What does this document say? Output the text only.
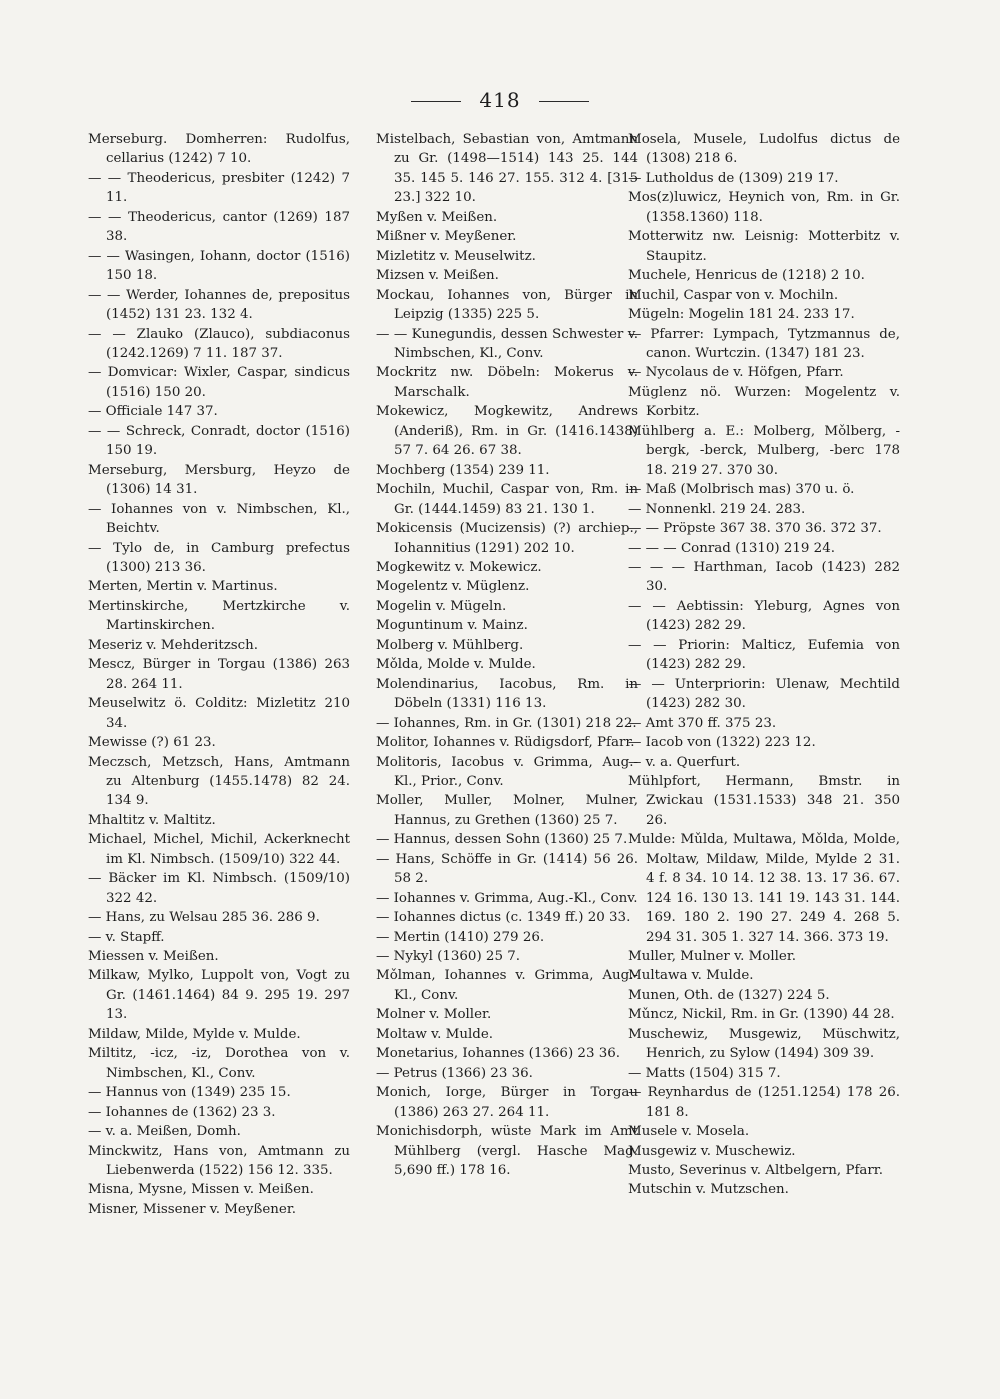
418
Merseburg. Domherren: Rudolfus, cellarius (1242) 7 10.
— — Theodericus, presbiter (1242) 7 11.
— — Theodericus, cantor (1269) 187 38.
— — Wasingen, Iohann, doctor (1516) 150 18.
— — Werder, Iohannes de, prepositus (1452) 131 23. 132 4.
— — Zlauko (Zlauco), subdiaconus (1242.1269) 7 11. 187 37.
— Domvicar: Wixler, Caspar, sindicus (1516) 150 20.
— Officiale 147 37.
— — Schreck, Conradt, doctor (1516) 150 19.
Merseburg, Mersburg, Heyzo de (1306) 14 31.
— Iohannes von v. Nimbschen, Kl., Beichtv.
— Tylo de, in Camburg prefectus (1300) 213 36.
Merten, Mertin v. Martinus.
Mertinskirche, Mertzkirche v. Martinskirchen.
Meseriz v. Mehderitzsch.
Mescz, Bürger in Torgau (1386) 263 28. 264 11.
Meuselwitz ö. Colditz: Mizletitz 210 34.
Mewisse (?) 61 23.
Meczsch, Metzsch, Hans, Amtmann zu Altenburg (1455.1478) 82 24. 134 9.
Mhaltitz v. Maltitz.
Michael, Michel, Michil, Ackerknecht im Kl. Nimbsch. (1509/10) 322 44.
— Bäcker im Kl. Nimbsch. (1509/10) 322 42.
— Hans, zu Welsau 285 36. 286 9.
— v. Stapff.
Miessen v. Meißen.
Milkaw, Mylko, Luppolt von, Vogt zu Gr. (1461.1464) 84 9. 295 19. 297 13.
Mildaw, Milde, Mylde v. Mulde.
Miltitz, -icz, -iz, Dorothea von v. Nimbschen, Kl., Conv.
— Hannus von (1349) 235 15.
— Iohannes de (1362) 23 3.
— v. a. Meißen, Domh.
Minckwitz, Hans von, Amtmann zu Liebenwerda (1522) 156 12. 335.
Misna, Mysne, Missen v. Meißen.
Misner, Missener v. Meyßener.
Mistelbach, Sebastian von, Amtmann zu Gr. (1498—1514) 143 25. 144 35. 145 5. 146 27. 155. 312 4. [315 23.] 322 10.
Myßen v. Meißen.
Mißner v. Meyßener.
Mizletitz v. Meuselwitz.
Mizsen v. Meißen.
Mockau, Iohannes von, Bürger in Leipzig (1335) 225 5.
— — Kunegundis, dessen Schwester v. Nimbschen, Kl., Conv.
Mockritz nw. Döbeln: Mokerus v. Marschalk.
Mokewicz, Mogkewitz, Andrews (Anderiß), Rm. in Gr. (1416.1438) 57 7. 64 26. 67 38.
Mochberg (1354) 239 11.
Mochiln, Muchil, Caspar von, Rm. in Gr. (1444.1459) 83 21. 130 1.
Mokicensis (Mucizensis) (?) archiep., Iohannitius (1291) 202 10.
Mogkewitz v. Mokewicz.
Mogelentz v. Müglenz.
Mogelin v. Mügeln.
Moguntinum v. Mainz.
Molberg v. Mühlberg.
Mǒlda, Molde v. Mulde.
Molendinarius, Iacobus, Rm. in Döbeln (1331) 116 13.
— Iohannes, Rm. in Gr. (1301) 218 22.
Molitor, Iohannes v. Rüdigsdorf, Pfarr.
Molitoris, Iacobus v. Grimma, Aug.-Kl., Prior., Conv.
Moller, Muller, Molner, Mulner, Hannus, zu Grethen (1360) 25 7.
— Hannus, dessen Sohn (1360) 25 7.
— Hans, Schöffe in Gr. (1414) 56 26. 58 2.
— Iohannes v. Grimma, Aug.-Kl., Conv.
— Iohannes dictus (c. 1349 ff.) 20 33.
— Mertin (1410) 279 26.
— Nykyl (1360) 25 7.
Mǒlman, Iohannes v. Grimma, Aug.-Kl., Conv.
Molner v. Moller.
Moltaw v. Mulde.
Monetarius, Iohannes (1366) 23 36.
— Petrus (1366) 23 36.
Monich, Iorge, Bürger in Torgau (1386) 263 27. 264 11.
Monichisdorph, wüste Mark im Amt Mühlberg (vergl. Hasche Mag. 5,690 ff.) 178 16.
Mosela, Musele, Ludolfus dictus de (1308) 218 6.
— Lutholdus de (1309) 219 17.
Mos(z)luwicz, Heynich von, Rm. in Gr. (1358.1360) 118.
Motterwitz nw. Leisnig: Motterbitz v. Staupitz.
Muchele, Henricus de (1218) 2 10.
Muchil, Caspar von v. Mochiln.
Mügeln: Mogelin 181 24. 233 17.
— Pfarrer: Lympach, Tytzmannus de, canon. Wurtczin. (1347) 181 23.
— Nycolaus de v. Höfgen, Pfarr.
Müglenz nö. Wurzen: Mogelentz v. Korbitz.
Mühlberg a. E.: Molberg, Mǒlberg, -bergk, -berck, Mulberg, -berc 178 18. 219 27. 370 30.
— Maß (Molbrisch mas) 370 u. ö.
— Nonnenkl. 219 24. 283.
— — Pröpste 367 38. 370 36. 372 37.
— — — Conrad (1310) 219 24.
— — — Harthman, Iacob (1423) 282 30.
— — Aebtissin: Yleburg, Agnes von (1423) 282 29.
— — Priorin: Malticz, Eufemia von (1423) 282 29.
— — Unterpriorin: Ulenaw, Mechtild (1423) 282 30.
— Amt 370 ff. 375 23.
— Iacob von (1322) 223 12.
— v. a. Querfurt.
Mühlpfort, Hermann, Bmstr. in Zwickau (1531.1533) 348 21. 350 26.
Mulde: Mǔlda, Multawa, Mǒlda, Molde, Moltaw, Mildaw, Milde, Mylde 2 31. 4 f. 8 34. 10 14. 12 38. 13. 17 36. 67. 124 16. 130 13. 141 19. 143 31. 144. 169. 180 2. 190 27. 249 4. 268 5. 294 31. 305 1. 327 14. 366. 373 19.
Muller, Mulner v. Moller.
Multawa v. Mulde.
Munen, Oth. de (1327) 224 5.
Mǔncz, Nickil, Rm. in Gr. (1390) 44 28.
Muschewiz, Musgewiz, Müschwitz, Henrich, zu Sylow (1494) 309 39.
— Matts (1504) 315 7.
— Reynhardus de (1251.1254) 178 26. 181 8.
Musele v. Mosela.
Musgewiz v. Muschewiz.
Musto, Severinus v. Altbelgern, Pfarr.
Mutschin v. Mutzschen.
